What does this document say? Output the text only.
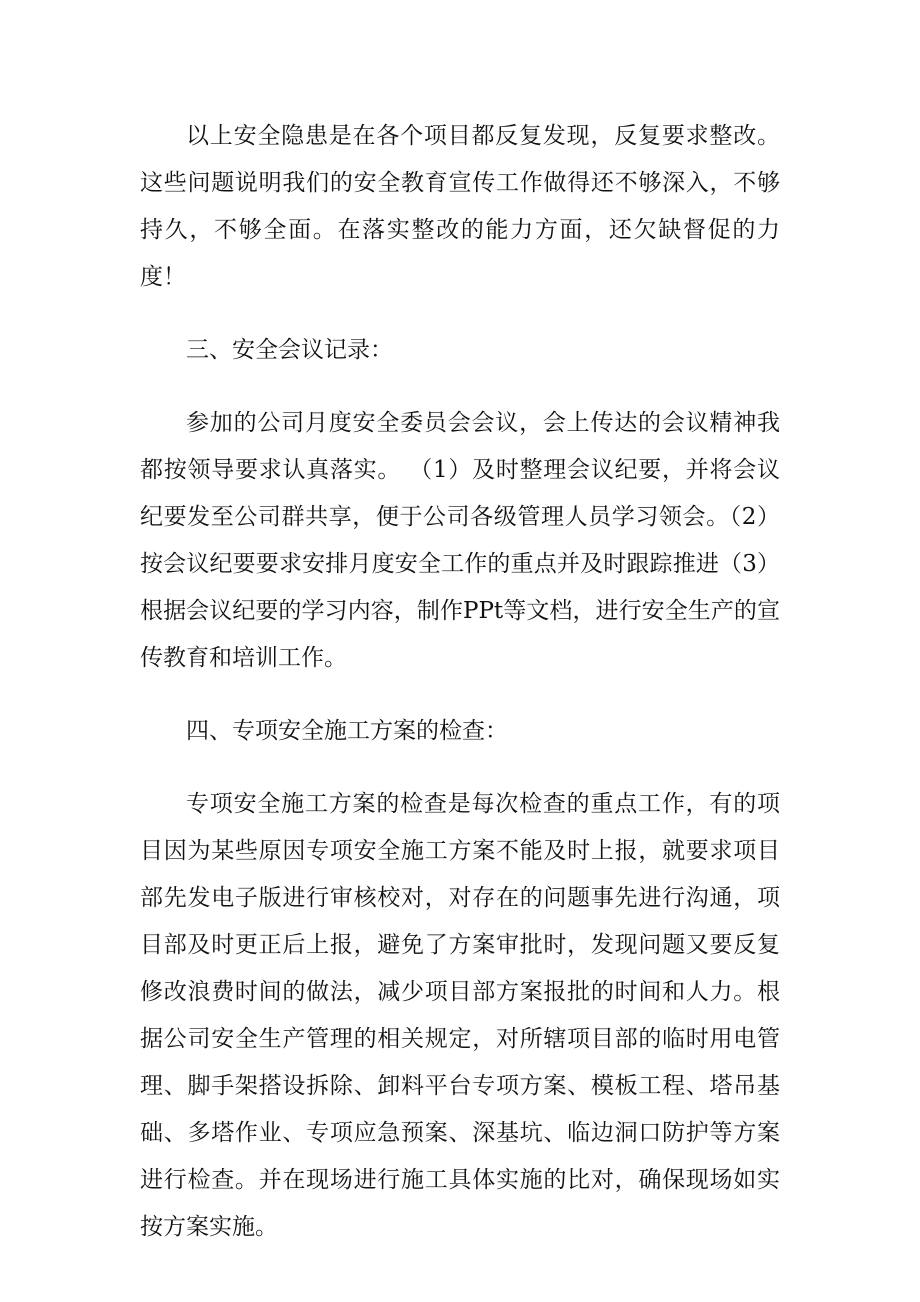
以上安全隐患是在各个项目都反复发现，反复要求整改。这些问题说明我们的安全教育宣传工作做得还不够深入，不够持久，不够全面。在落实整改的能力方面，还欠缺督促的力度！

三、安全会议记录：

参加的公司月度安全委员会会议，会上传达的会议精神我都按领导要求认真落实。 （1）及时整理会议纪要，并将会议纪要发至公司群共享，便于公司各级管理人员学习领会。（2）按会议纪要要求安排月度安全工作的重点并及时跟踪推进（3）根据会议纪要的学习内容，制作PPt等文档，进行安全生产的宣传教育和培训工作。

四、专项安全施工方案的检查：

专项安全施工方案的检查是每次检查的重点工作，有的项目因为某些原因专项安全施工方案不能及时上报，就要求项目部先发电子版进行审核校对，对存在的问题事先进行沟通，项目部及时更正后上报，避免了方案审批时，发现问题又要反复修改浪费时间的做法，减少项目部方案报批的时间和人力。根据公司安全生产管理的相关规定，对所辖项目部的临时用电管理、脚手架搭设拆除、卸料平台专项方案、模板工程、塔吊基础、多塔作业、专项应急预案、深基坑、临边洞口防护等方案进行检查。并在现场进行施工具体实施的比对，确保现场如实按方案实施。
